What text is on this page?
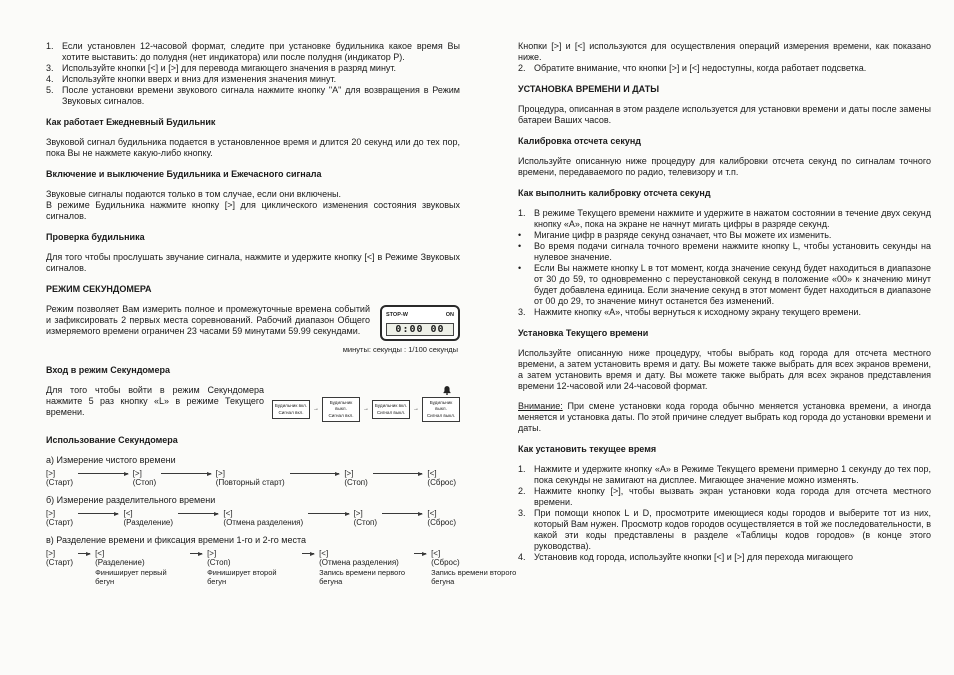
1. Если установлен 12-часовой формат, следите при установке будильника какое время Вы хотите выставить: до полудня (нет индикатора) или после полудня (индикатор P).
3. Используйте кнопки [<] и [>] для перевода мигающего значения в разряд минут.
4. Используйте кнопки вверх и вниз для изменения значения минут.
5. После установки времени звукового сигнала нажмите кнопку "А" для возвращения в Режим Звуковых сигналов.
Как работает Ежедневный Будильник

Звуковой сигнал будильника подается в установленное время и длится 20 секунд или до тех пор, пока Вы не нажмете какую-либо кнопку.

Включение и выключение Будильника и Ежечасного сигнала

Звуковые сигналы подаются только в том случае, если они включены.

В режиме Будильника нажмите кнопку [>] для циклического изменения состояния звуковых сигналов.

Проверка будильника

Для того чтобы прослушать звучание сигнала, нажмите и удержите кнопку [<] в Режиме Звуковых сигналов.

РЕЖИМ СЕКУНДОМЕРА
STOP-W	ON
0:00 00

Режим позволяет Вам измерить полное и промежуточные времена событий и зафиксировать 2 первых места соревнований. Рабочий диапазон Общего измеряемого времени ограничен 23 часами 59 минутами 59.99 секундами.

минуты: секунды : 1/100 секунды
Вход в режим Секундомера
Будильник вкл.
Сигнал вкл.
→
Будильник выкл.
Сигнал вкл.
→
Будильник вкл.
Сигнал выкл.
→
Будильник выкл.
Сигнал выкл.

Для того чтобы войти в режим Секундомера нажмите 5 раз кнопку «L» в режиме Текущего времени.

Использование Секундомера
а) Измерение чистого времени
[>]
(Старт)
[>]
(Стоп)
[>]
(Повторный старт)
[>]
(Стоп)
[<]
(Сброс)
б) Измерение разделительного времени
[>]
(Старт)
[<]
(Разделение)
[<]
(Отмена разделения)
[>]
(Стоп)
[<]
(Сброс)
в) Разделение времени и фиксация времени 1-го и 2-го места
[>]
(Старт)
[<]
(Разделение)
Финиширует первый бегун
[>]
(Стоп)
Финиширует второй бегун
[<]
(Отмена разделения)
Запись времени первого бегуна
[<]
(Сброс)
Запись времени второго бегуна

Кнопки [>] и [<] используются для осуществления операций измерения времени, как показано ниже.

2. Обратите внимание, что кнопки [>] и [<] недоступны, когда работает подсветка.
УСТАНОВКА ВРЕМЕНИ И ДАТЫ

Процедура, описанная в этом разделе используется для установки времени и даты после замены батареи Ваших часов.

Калибровка отсчета секунд

Используйте описанную ниже процедуру для калибровки отсчета секунд по сигналам точного времени, передаваемого по радио, телевизору и т.п.

Как выполнить калибровку отсчета секунд
1. В режиме Текущего времени нажмите и удержите в нажатом состоянии в течение двух секунд кнопку «А», пока на экране не начнут мигать цифры в разряде секунд.
•	Мигание цифр в разряде секунд означает, что Вы можете их изменить.
•	Во время подачи сигнала точного времени нажмите кнопку L, чтобы установить секунды на нулевое значение.
•	Если Вы нажмете кнопку L в тот момент, когда значение секунд будет находиться в диапазоне от 30 до 59, то одновременно с переустановкой секунд в положение «00» к значению минут будет добавлена единица. Если значение секунд в этот момент будет находиться в диапазоне от 00 до 29, то значение минут останется без изменений.
3. Нажмите кнопку «А», чтобы вернуться к исходному экрану текущего времени.
Установка Текущего времени

Используйте описанную ниже процедуру, чтобы выбрать код города для отсчета местного времени, а затем установить время и дату. Вы можете также выбрать для всех экранов времени, а затем установить время и дату. Вы можете также выбрать для всех экранов представления времени 12-часовой или 24-часовой формат.

Внимание: При смене установки кода города обычно меняется установка времени, а иногда меняется и установка даты. По этой причине следует выбрать код города до установки времени и даты.

Как установить текущее время
1. Нажмите и удержите кнопку «А» в Режиме Текущего времени примерно 1 секунду до тех пор, пока секунды не замигают на дисплее. Мигающее значение можно изменять.
2. Нажмите кнопку [>], чтобы вызвать экран установки кода города для отсчета местного времени.
3. При помощи кнопок L и D, просмотрите имеющиеся коды городов и выберите тот из них, который Вам нужен. Просмотр кодов городов осуществляется в той же последовательности, в какой эти коды представлены в разделе «Таблицы кодов городов» (в конце этого руководства).
4. Установив код города, используйте кнопки [<] и [>] для перехода мигающего
